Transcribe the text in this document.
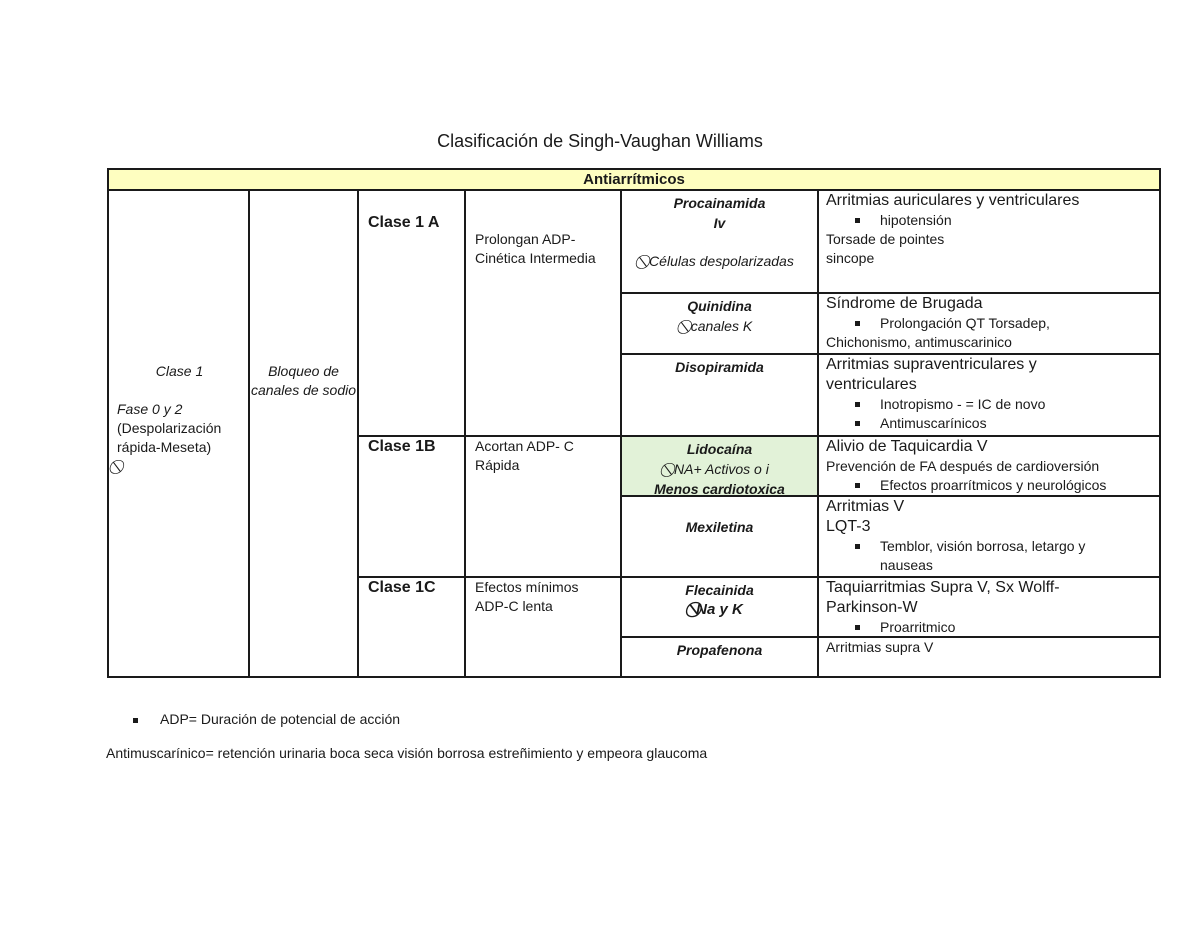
Clasificación de Singh-Vaughan Williams
Antiarrítmicos
Clase 1
Fase 0 y 2
(Despolarización rápida-Meseta)
Bloqueo de canales de sodio
Clase 1 A
Clase 1B
Clase 1C
Prolongan ADP- Cinética Intermedia
Acortan ADP- C Rápida
Efectos mínimos ADP-C lenta
Procainamida
Iv
⃠ Células despolarizadas
Quinidina
⃠ canales K
Disopiramida
Lidocaína
⃠ NA+ Activos o i
Menos cardiotoxica
Mexiletina
Flecainida
⃠Na y K
Propafenona
Arritmias auriculares y ventriculares
hipotensión
Torsade de pointes
sincope
Síndrome de Brugada
Prolongación QT Torsadep,
Chichonismo, antimuscarinico
Arritmias supraventriculares y ventriculares
Inotropismo - = IC de novo
Antimuscarínicos
Alivio de Taquicardia V
Prevención de FA después de cardioversión
Efectos proarrítmicos y neurológicos
Arritmias V
LQT-3
Temblor, visión borrosa, letargo y nauseas
Taquiarritmias Supra V, Sx Wolff-Parkinson-W
Proarritmico
Arritmias supra V
ADP= Duración de potencial de acción
Antimuscarínico= retención urinaria boca seca visión borrosa estreñimiento y empeora glaucoma
